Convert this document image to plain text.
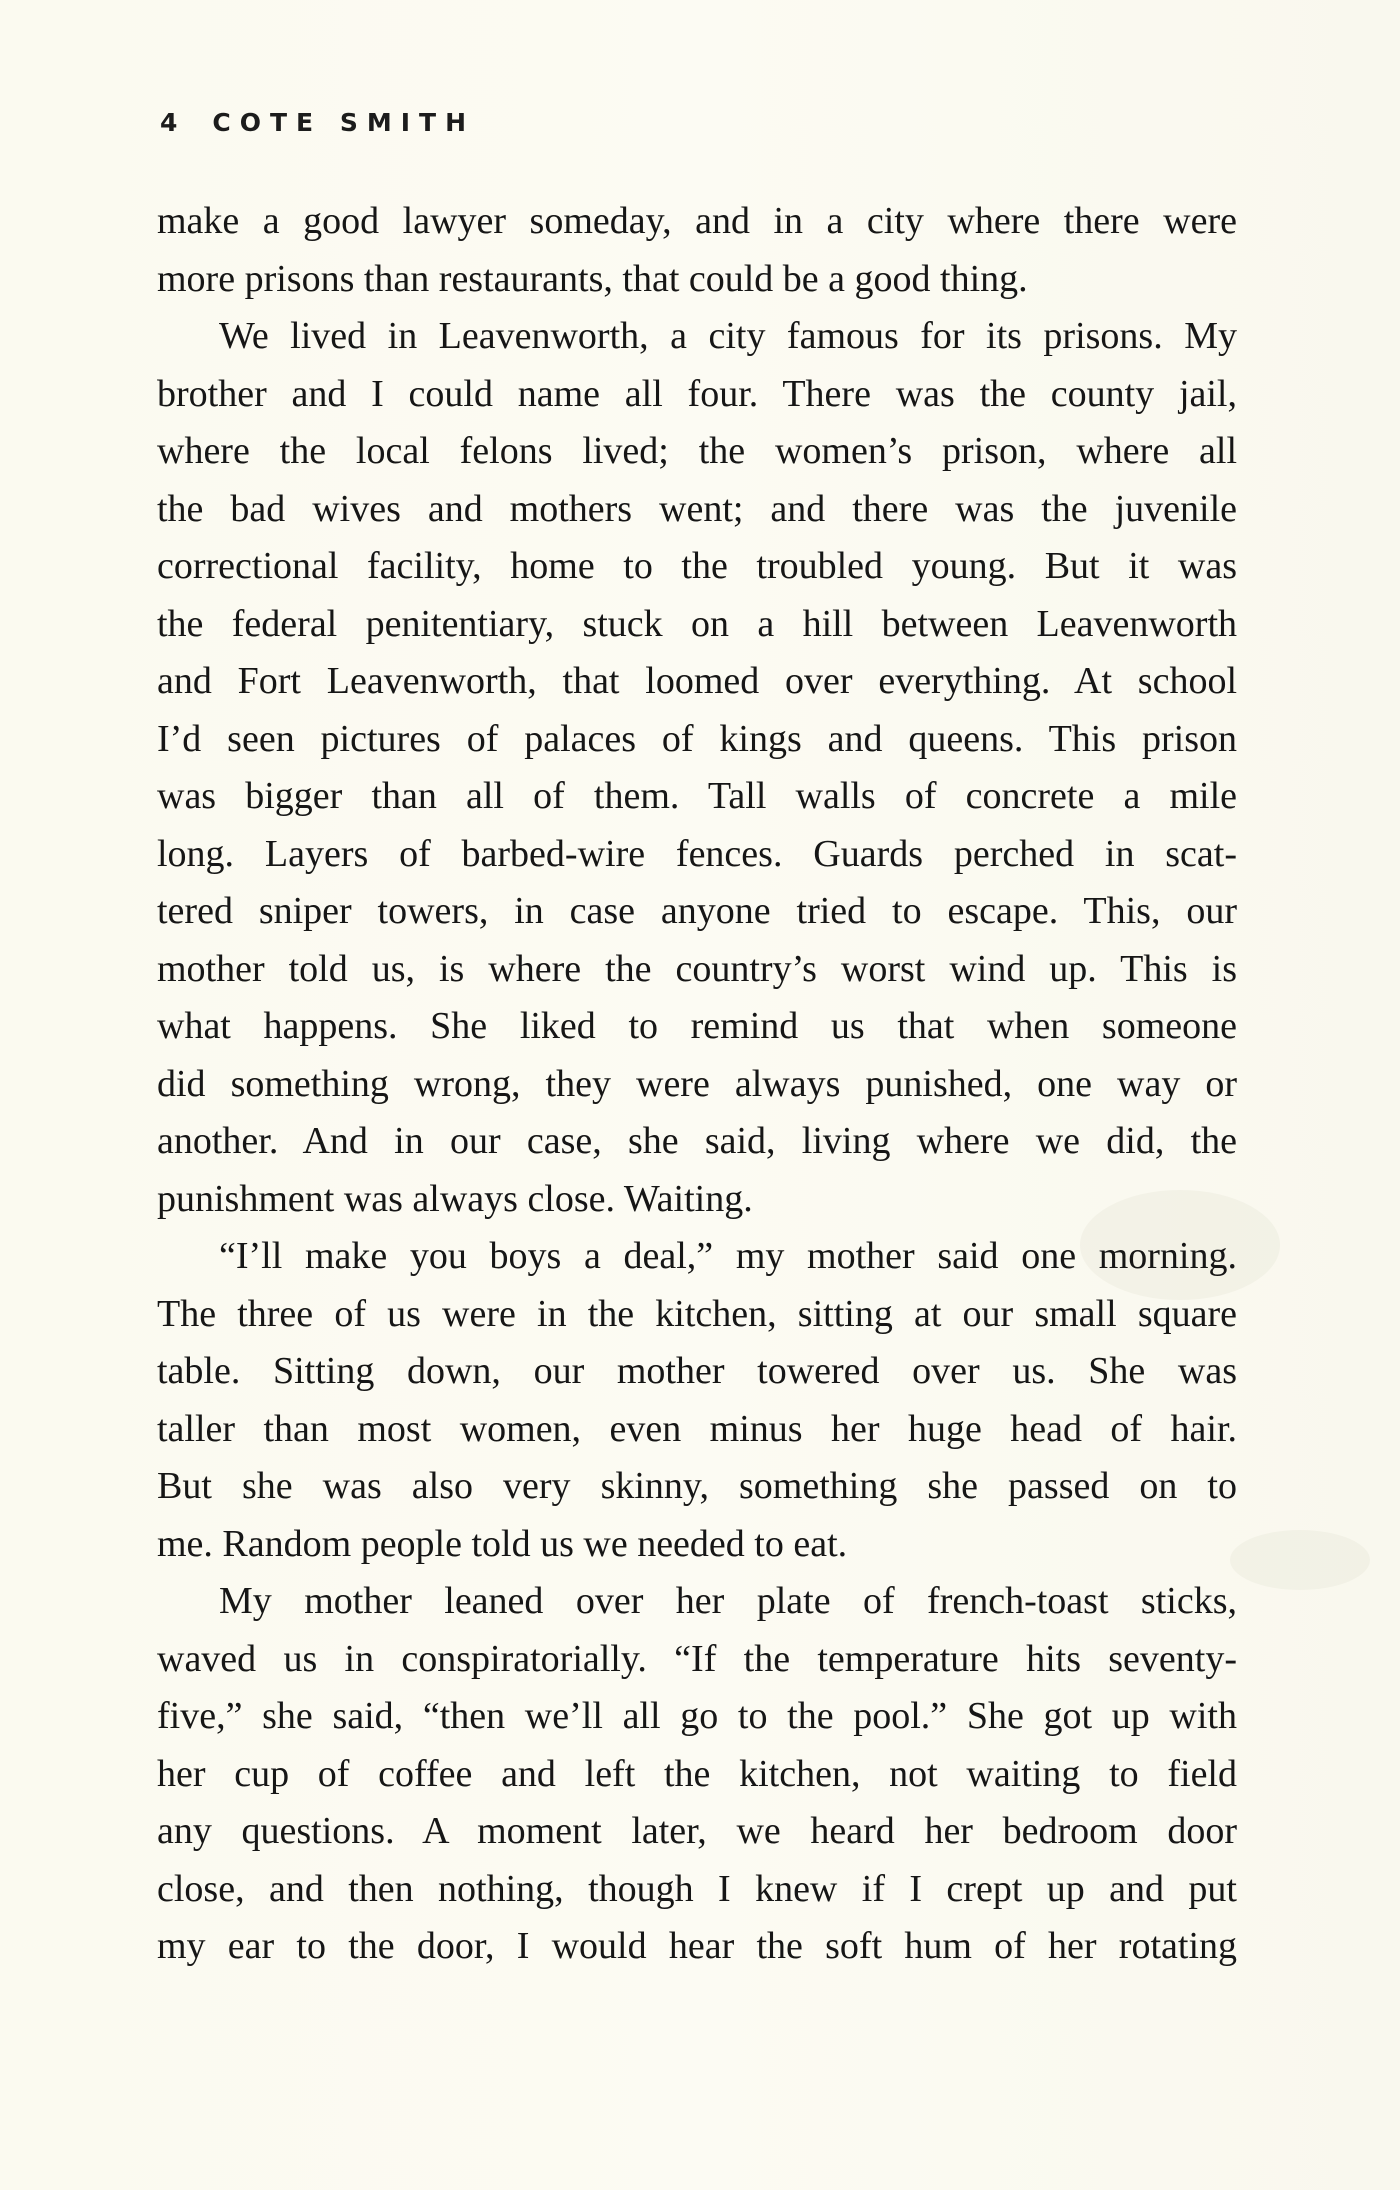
4 COTE SMITH
make a good lawyer someday, and in a city where there were
more prisons than restaurants, that could be a good thing.
We lived in Leavenworth, a city famous for its prisons. My
brother and I could name all four. There was the county jail,
where the local felons lived; the women’s prison, where all
the bad wives and mothers went; and there was the juvenile
correctional facility, home to the troubled young. But it was
the federal penitentiary, stuck on a hill between Leavenworth
and Fort Leavenworth, that loomed over everything. At school
I’d seen pictures of palaces of kings and queens. This prison
was bigger than all of them. Tall walls of concrete a mile
long. Layers of barbed-wire fences. Guards perched in scat-
tered sniper towers, in case anyone tried to escape. This, our
mother told us, is where the country’s worst wind up. This is
what happens. She liked to remind us that when someone
did something wrong, they were always punished, one way or
another. And in our case, she said, living where we did, the
punishment was always close. Waiting.
“I’ll make you boys a deal,” my mother said one morning.
The three of us were in the kitchen, sitting at our small square
table. Sitting down, our mother towered over us. She was
taller than most women, even minus her huge head of hair.
But she was also very skinny, something she passed on to
me. Random people told us we needed to eat.
My mother leaned over her plate of french-toast sticks,
waved us in conspiratorially. “If the temperature hits seventy-
five,” she said, “then we’ll all go to the pool.” She got up with
her cup of coffee and left the kitchen, not waiting to field
any questions. A moment later, we heard her bedroom door
close, and then nothing, though I knew if I crept up and put
my ear to the door, I would hear the soft hum of her rotating
